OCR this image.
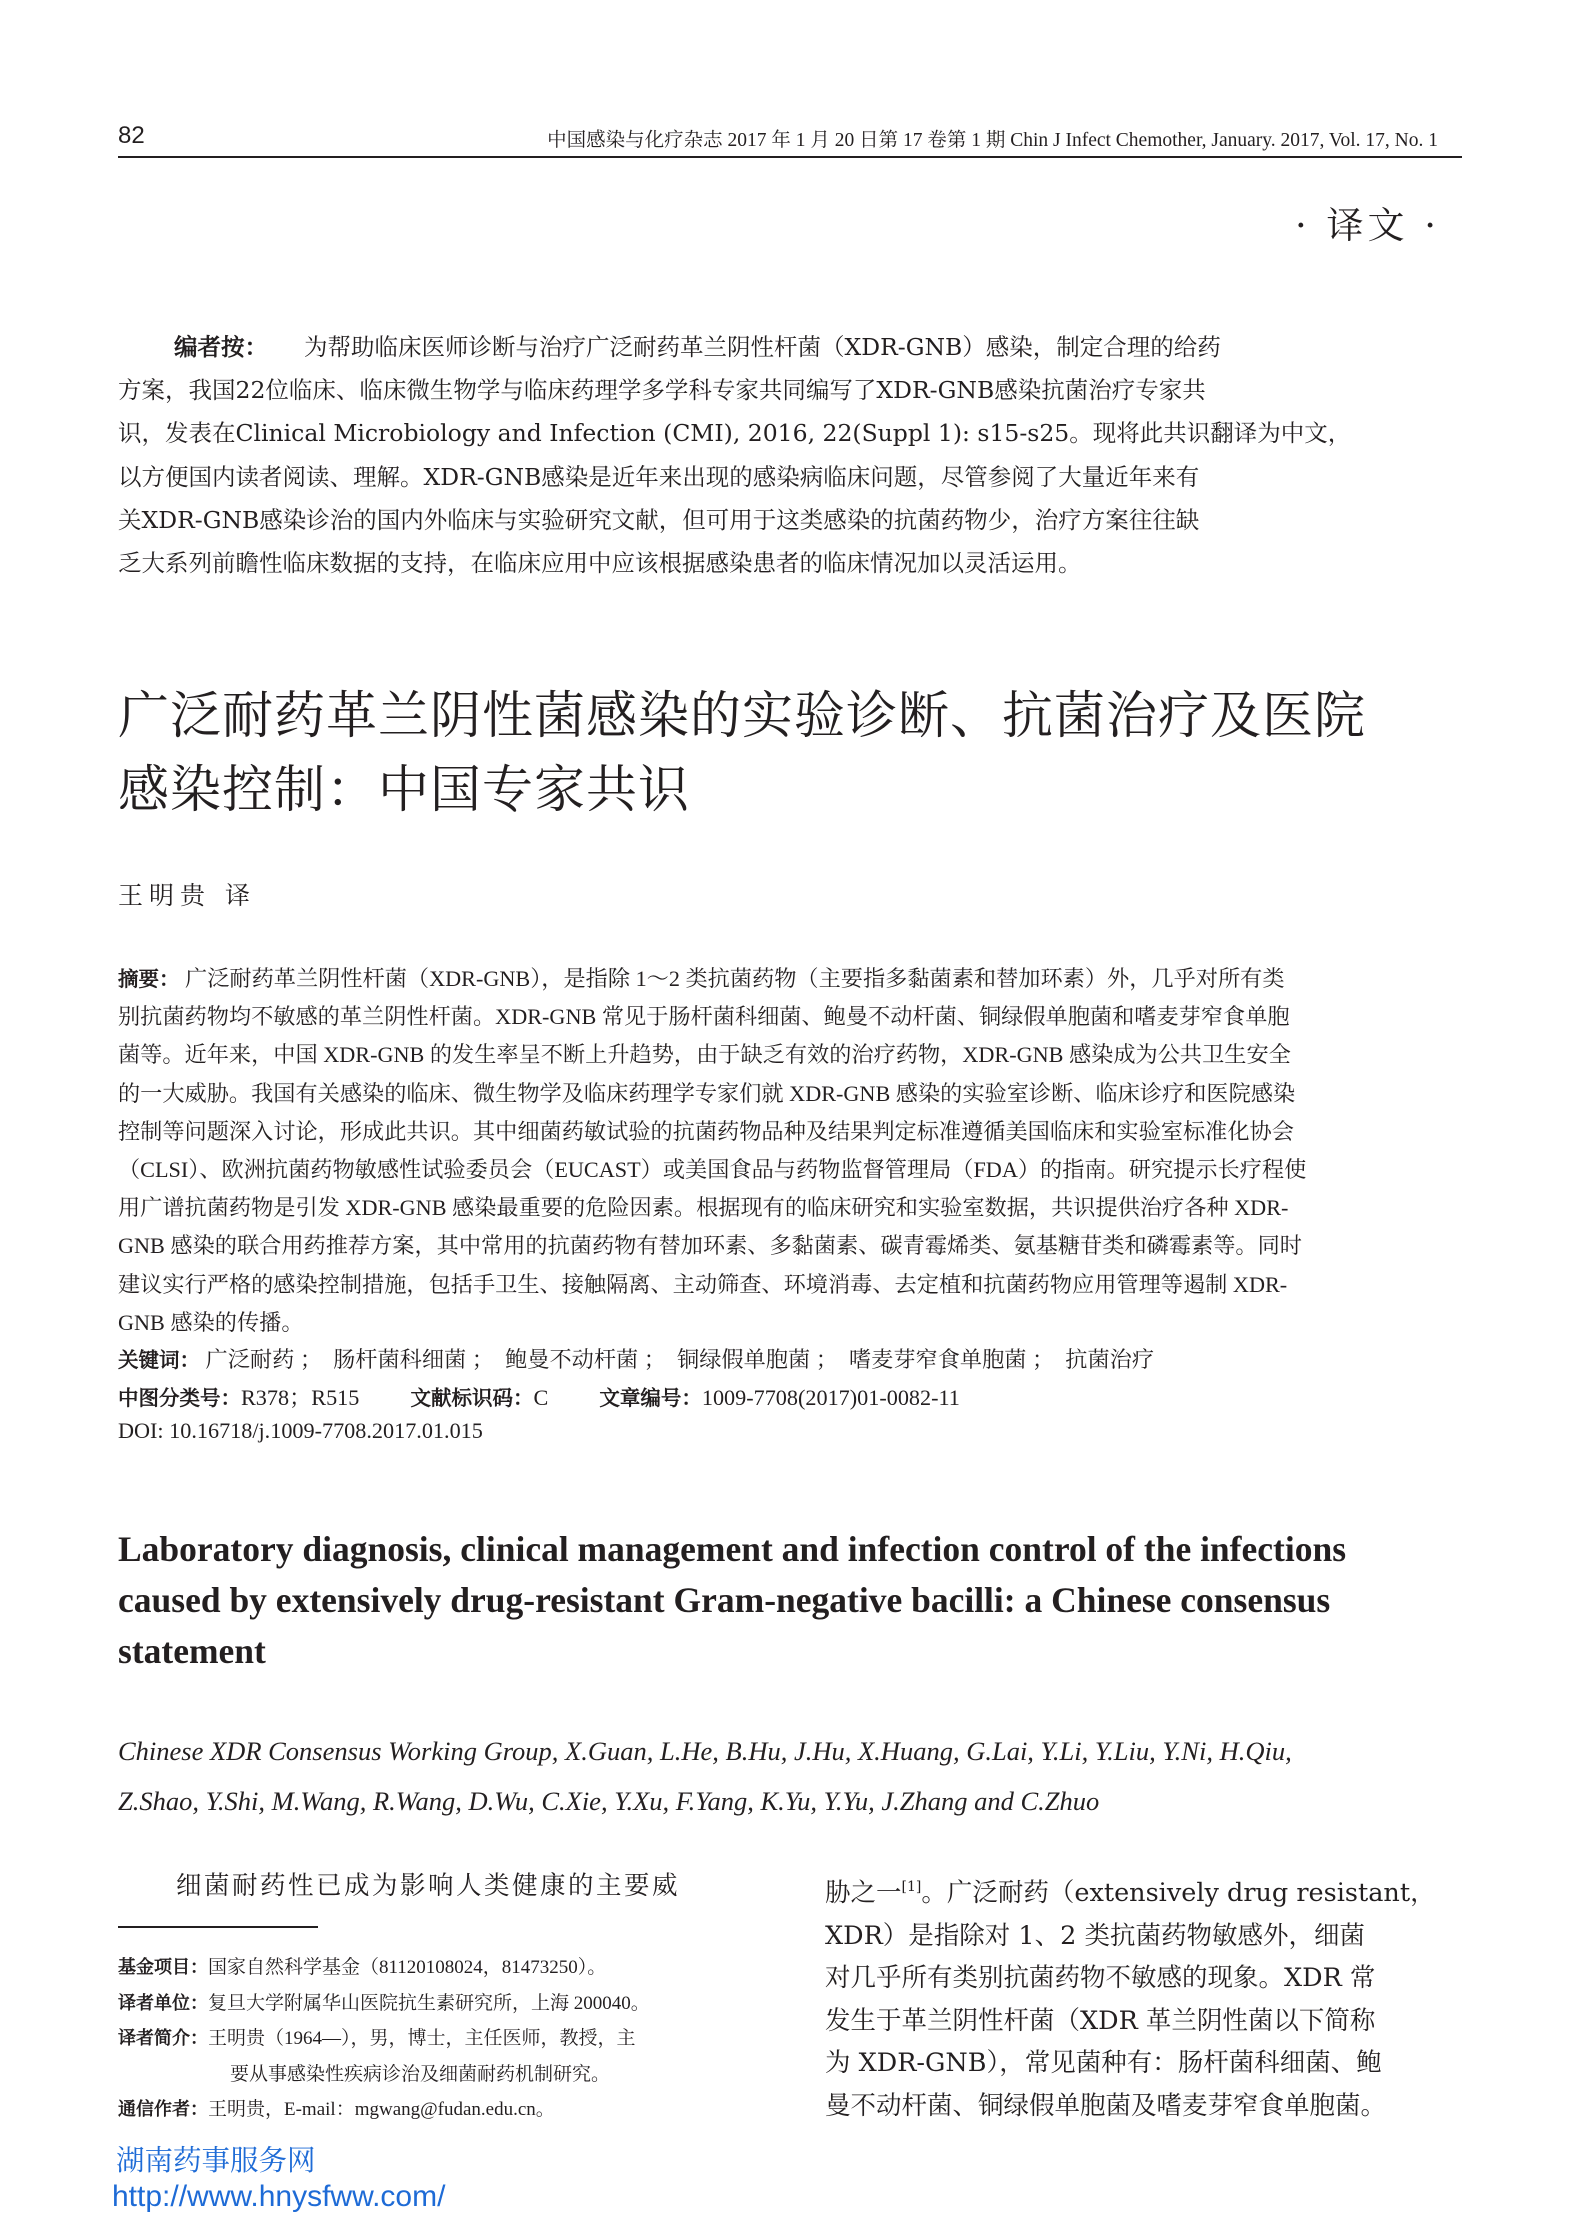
82	中国感染与化疗杂志 2017 年 1 月 20 日第 17 卷第 1 期 Chin J Infect Chemother, January. 2017, Vol. 17, No. 1
· 译文 ·
编者按： 为帮助临床医师诊断与治疗广泛耐药革兰阴性杆菌（XDR-GNB）感染，制定合理的给药
方案，我国22位临床、临床微生物学与临床药理学多学科专家共同编写了XDR-GNB感染抗菌治疗专家共
识，发表在Clinical Microbiology and Infection (CMI), 2016, 22(Suppl 1): s15-s25。现将此共识翻译为中文，
以方便国内读者阅读、理解。XDR-GNB感染是近年来出现的感染病临床问题，尽管参阅了大量近年来有
关XDR-GNB感染诊治的国内外临床与实验研究文献，但可用于这类感染的抗菌药物少，治疗方案往往缺
乏大系列前瞻性临床数据的支持，在临床应用中应该根据感染患者的临床情况加以灵活运用。
广泛耐药革兰阴性菌感染的实验诊断、抗菌治疗及医院
感染控制：中国专家共识
王明贵 译
摘要： 广泛耐药革兰阴性杆菌（XDR-GNB），是指除 1～2 类抗菌药物（主要指多黏菌素和替加环素）外，几乎对所有类
别抗菌药物均不敏感的革兰阴性杆菌。XDR-GNB 常见于肠杆菌科细菌、鲍曼不动杆菌、铜绿假单胞菌和嗜麦芽窄食单胞
菌等。近年来，中国 XDR-GNB 的发生率呈不断上升趋势，由于缺乏有效的治疗药物，XDR-GNB 感染成为公共卫生安全
的一大威胁。我国有关感染的临床、微生物学及临床药理学专家们就 XDR-GNB 感染的实验室诊断、临床诊疗和医院感染
控制等问题深入讨论，形成此共识。其中细菌药敏试验的抗菌药物品种及结果判定标准遵循美国临床和实验室标准化协会
（CLSI）、欧洲抗菌药物敏感性试验委员会（EUCAST）或美国食品与药物监督管理局（FDA）的指南。研究提示长疗程使
用广谱抗菌药物是引发 XDR-GNB 感染最重要的危险因素。根据现有的临床研究和实验室数据，共识提供治疗各种 XDR-
GNB 感染的联合用药推荐方案，其中常用的抗菌药物有替加环素、多黏菌素、碳青霉烯类、氨基糖苷类和磷霉素等。同时
建议实行严格的感染控制措施，包括手卫生、接触隔离、主动筛查、环境消毒、去定植和抗菌药物应用管理等遏制 XDR-
GNB 感染的传播。
关键词： 广泛耐药 ；  肠杆菌科细菌 ；  鲍曼不动杆菌 ；  铜绿假单胞菌 ；  嗜麦芽窄食单胞菌 ；  抗菌治疗
中图分类号：R378；R515 文献标识码：C 文章编号：1009-7708(2017)01-0082-11
DOI: 10.16718/j.1009-7708.2017.01.015
Laboratory diagnosis, clinical management and infection control of the infections
caused by extensively drug-resistant Gram-negative bacilli: a Chinese consensus
statement
Chinese XDR Consensus Working Group, X.Guan, L.He, B.Hu, J.Hu, X.Huang, G.Lai, Y.Li, Y.Liu, Y.Ni, H.Qiu,
Z.Shao, Y.Shi, M.Wang, R.Wang, D.Wu, C.Xie, Y.Xu, F.Yang, K.Yu, Y.Yu, J.Zhang and C.Zhuo
细菌耐药性已成为影响人类健康的主要威
基金项目：国家自然科学基金（81120108024，81473250）。
译者单位：复旦大学附属华山医院抗生素研究所，上海 200040。
译者简介：王明贵（1964—），男，博士，主任医师，教授，主
要从事感染性疾病诊治及细菌耐药机制研究。
通信作者：王明贵，E-mail：mgwang@fudan.edu.cn。
胁之一[1]。广泛耐药（extensively drug resistant，
XDR）是指除对 1、2 类抗菌药物敏感外，细菌
对几乎所有类别抗菌药物不敏感的现象。XDR 常
发生于革兰阴性杆菌（XDR 革兰阴性菌以下简称
为 XDR-GNB），常见菌种有：肠杆菌科细菌、鲍
曼不动杆菌、铜绿假单胞菌及嗜麦芽窄食单胞菌。
湖南药事服务网
http://www.hnysfww.com/
